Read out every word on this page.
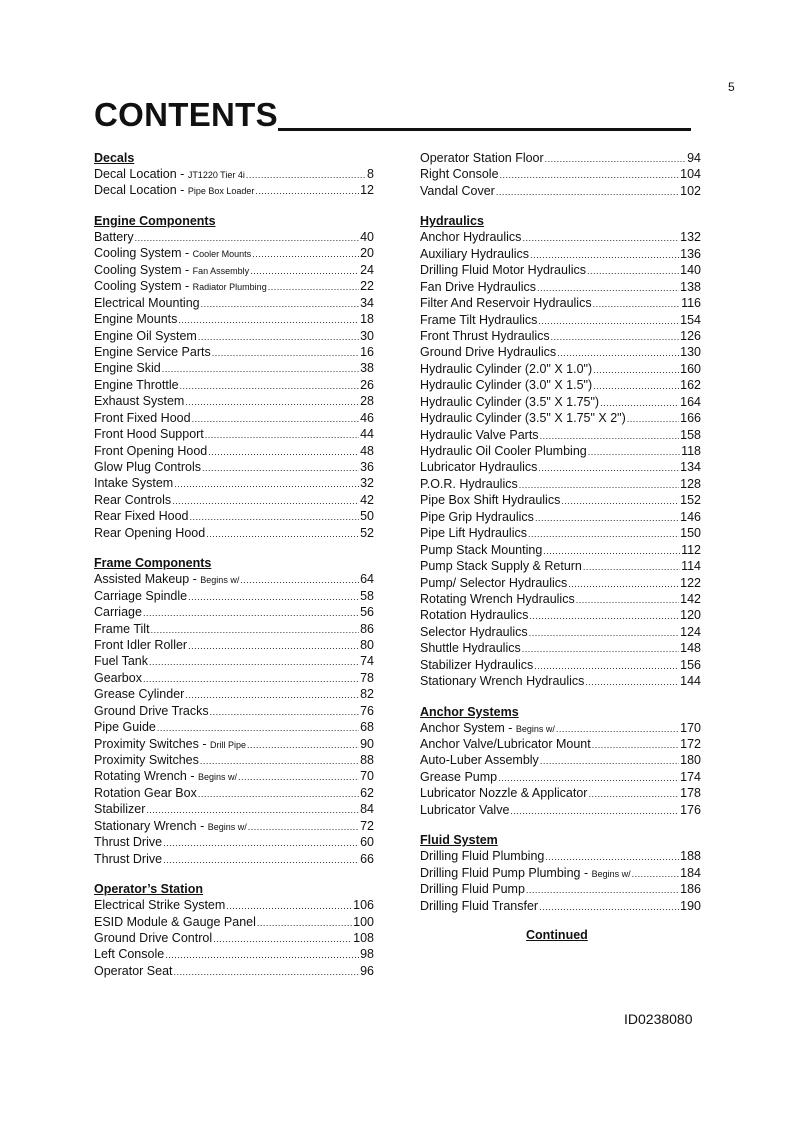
5
CONTENTS
Decals
Decal Location - JT1220 Tier 4i .....	8
Decal Location - Pipe Box Loader .....	12
Engine Components
Battery .....	40
Cooling System - Cooler Mounts .....	20
Cooling System - Fan Assembly .....	24
Cooling System - Radiator Plumbing .....	22
Electrical Mounting .....	34
Engine Mounts .....	18
Engine Oil System .....	30
Engine Service Parts .....	16
Engine Skid .....	38
Engine Throttle .....	26
Exhaust System .....	28
Front Fixed Hood .....	46
Front Hood Support .....	44
Front Opening Hood .....	48
Glow Plug Controls .....	36
Intake System .....	32
Rear Controls .....	42
Rear Fixed Hood .....	50
Rear Opening Hood .....	52
Frame Components
Assisted Makeup - Begins w/ .....	64
Carriage Spindle .....	58
Carriage .....	56
Frame Tilt .....	86
Front Idler Roller .....	80
Fuel Tank .....	74
Gearbox .....	78
Grease Cylinder .....	82
Ground Drive Tracks .....	76
Pipe Guide .....	68
Proximity Switches - Drill Pipe .....	90
Proximity Switches .....	88
Rotating Wrench - Begins w/ .....	70
Rotation Gear Box .....	62
Stabilizer .....	84
Stationary Wrench - Begins w/ .....	72
Thrust Drive .....	60
Thrust Drive .....	66
Operator’s Station
Electrical Strike System .....	106
ESID Module & Gauge Panel .....	100
Ground Drive Control .....	108
Left Console .....	98
Operator Seat .....	96
Operator Station Floor .....	94
Right Console .....	104
Vandal Cover .....	102
Hydraulics
Anchor Hydraulics .....	132
Auxiliary Hydraulics .....	136
Drilling Fluid Motor Hydraulics .....	140
Fan Drive Hydraulics .....	138
Filter And Reservoir Hydraulics .....	116
Frame Tilt Hydraulics .....	154
Front Thrust Hydraulics .....	126
Ground Drive Hydraulics .....	130
Hydraulic Cylinder (2.0" X 1.0") .....	160
Hydraulic Cylinder (3.0" X 1.5") .....	162
Hydraulic Cylinder (3.5" X 1.75") .....	164
Hydraulic Cylinder (3.5" X 1.75" X 2") .....	166
Hydraulic Valve Parts .....	158
Hydraulic Oil Cooler Plumbing .....	118
Lubricator Hydraulics .....	134
P.O.R. Hydraulics .....	128
Pipe Box Shift Hydraulics .....	152
Pipe Grip Hydraulics .....	146
Pipe Lift Hydraulics .....	150
Pump Stack Mounting .....	112
Pump Stack Supply & Return .....	114
Pump/ Selector Hydraulics .....	122
Rotating Wrench Hydraulics .....	142
Rotation Hydraulics .....	120
Selector Hydraulics .....	124
Shuttle Hydraulics .....	148
Stabilizer Hydraulics .....	156
Stationary Wrench Hydraulics .....	144
Anchor Systems
Anchor System - Begins w/ .....	170
Anchor Valve/Lubricator Mount .....	172
Auto-Luber Assembly .....	180
Grease Pump .....	174
Lubricator Nozzle & Applicator .....	178
Lubricator Valve .....	176
Fluid System
Drilling Fluid Plumbing .....	188
Drilling Fluid Pump Plumbing - Begins w/ .....	184
Drilling Fluid Pump .....	186
Drilling Fluid Transfer .....	190
Continued
ID0238080
